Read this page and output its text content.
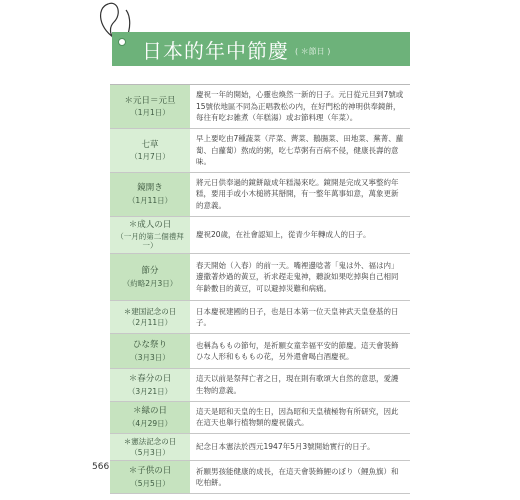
日本的年中節慶 ( ＊節日 )
＊元日＝元旦
（1月1日）
慶祝一年的開始，心靈也煥然一新的日子。元日從元旦到7號或15號依地區不同為正唱教松の内，在好門松的神明供奉鏡餅，每往有吃お雑煮（年糕湯）或お節料理（年菜）。
七草
（1月7日）
早上要吃由7種蔬菜（芹菜、薺菜、鵝腸菜、田地菜、蕪菁、蘿蔔、白蘿蔔）熬成的粥，吃七草粥有百病不侵，健康長壽的意味。
鏡開き
（1月11日）
將元日供奉過的鏡餅敲成年糕湯來吃。鏡開是完成又寧整約年糕，要用手或小木槌將其掰開，有一整年萬事如意，萬象更新的意義。
＊成人の日
（一月的第二個禮拜一）
慶祝20歲，在社會認知上，從青少年轉成人的日子。
節分
（約略2月3日）
春天開始（入春）的前一天。嘴裡邊唸著「鬼は外、福は内」邊撒著炒過的黃豆，祈求趕走鬼神，聽說如果吃掉與自己相同年齡數目的黃豆，可以避掉災難和病痛。
＊建国記念の日
（2月11日）
日本慶祝建國的日子，也是日本第一位天皇神武天皇登基的日子。
ひな祭り
（3月3日）
也稱為ももの節句，是祈願女童幸福平安的節慶。這天會裝飾ひな人形和もももの花，另外還會喝白酒慶祝。
＊春分の日
（3月21日）
這天以前是祭拜亡者之日，現在則有歌頌大自然的意思，愛護生物的意義。
＊緑の日
（4月29日）
這天是昭和天皇的生日，因為昭和天皇積極物有所研究，因此在這天也舉行植物類的慶祝儀式。
＊憲法記念の日
（5月3日）
紀念日本憲法於西元1947年5月3號開始實行的日子。
＊子供の日
（5月5日）
祈願男孩能健康的成長，在這天會裝飾鯉のぼり（鯉魚旗）和吃柏餅。
566
